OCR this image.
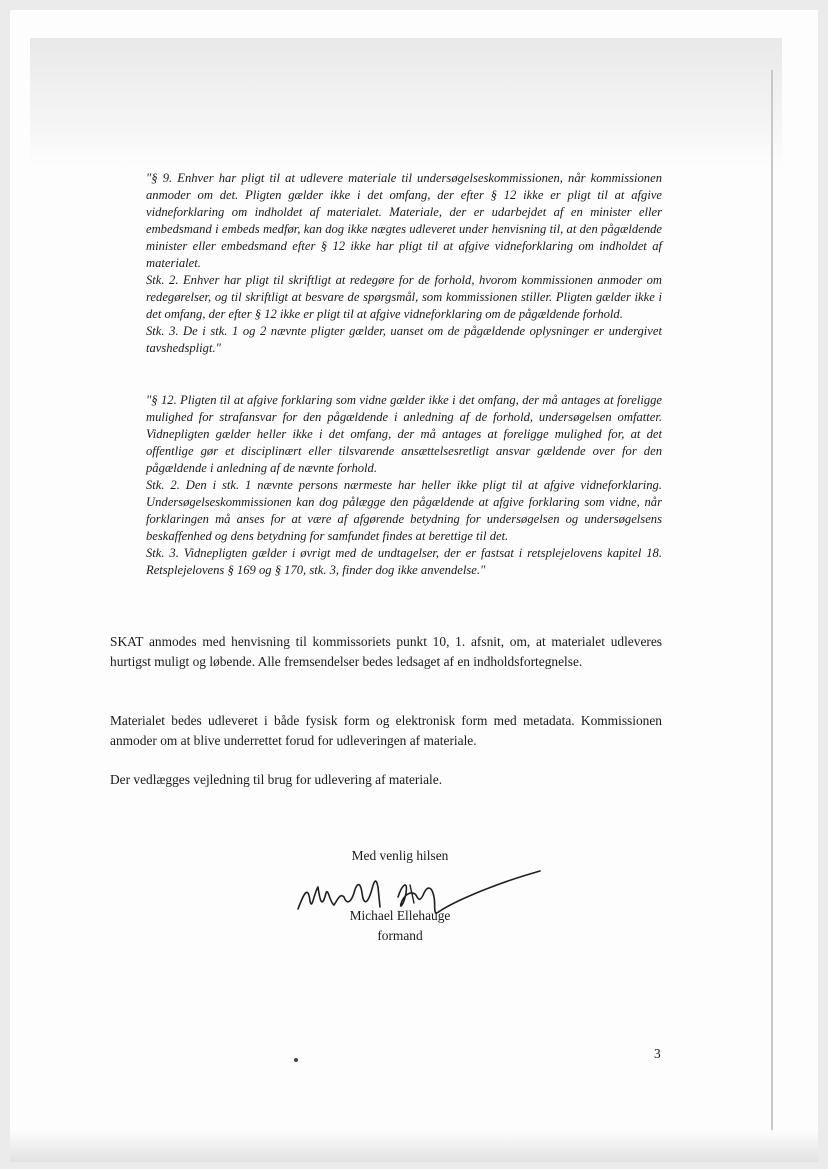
"§ 9. Enhver har pligt til at udlevere materiale til undersøgelseskommissionen, når kommissionen anmoder om det. Pligten gælder ikke i det omfang, der efter § 12 ikke er pligt til at afgive vidneforklaring om indholdet af materialet. Materiale, der er udarbejdet af en minister eller embedsmand i embeds medfør, kan dog ikke nægtes udleveret under henvisning til, at den pågældende minister eller embedsmand efter § 12 ikke har pligt til at afgive vidneforklaring om indholdet af materialet.

Stk. 2. Enhver har pligt til skriftligt at redegøre for de forhold, hvorom kommissionen anmoder om redegørelser, og til skriftligt at besvare de spørgsmål, som kommissionen stiller. Pligten gælder ikke i det omfang, der efter § 12 ikke er pligt til at afgive vidneforklaring om de pågældende forhold.

Stk. 3. De i stk. 1 og 2 nævnte pligter gælder, uanset om de pågældende oplysninger er undergivet tavshedspligt."

"§ 12. Pligten til at afgive forklaring som vidne gælder ikke i det omfang, der må antages at foreligge mulighed for strafansvar for den pågældende i anledning af de forhold, undersøgelsen omfatter. Vidnepligten gælder heller ikke i det omfang, der må antages at foreligge mulighed for, at det offentlige gør et disciplinært eller tilsvarende ansættelsesretligt ansvar gældende over for den pågældende i anledning af de nævnte forhold.

Stk. 2. Den i stk. 1 nævnte persons nærmeste har heller ikke pligt til at afgive vidneforklaring. Undersøgelseskommissionen kan dog pålægge den pågældende at afgive forklaring som vidne, når forklaringen må anses for at være af afgørende betydning for undersøgelsen og undersøgelsens beskaffenhed og dens betydning for samfundet findes at berettige til det.

Stk. 3. Vidnepligten gælder i øvrigt med de undtagelser, der er fastsat i retsplejelovens kapitel 18. Retsplejelovens § 169 og § 170, stk. 3, finder dog ikke anvendelse."

SKAT anmodes med henvisning til kommissoriets punkt 10, 1. afsnit, om, at materialet udleveres hurtigst muligt og løbende. Alle fremsendelser bedes ledsaget af en indholdsfortegnelse.

Materialet bedes udleveret i både fysisk form og elektronisk form med metadata. Kommissionen anmoder om at blive underrettet forud for udleveringen af materiale.

Der vedlægges vejledning til brug for udlevering af materiale.

Med venlig hilsen
Michael Ellehauge
formand
3
